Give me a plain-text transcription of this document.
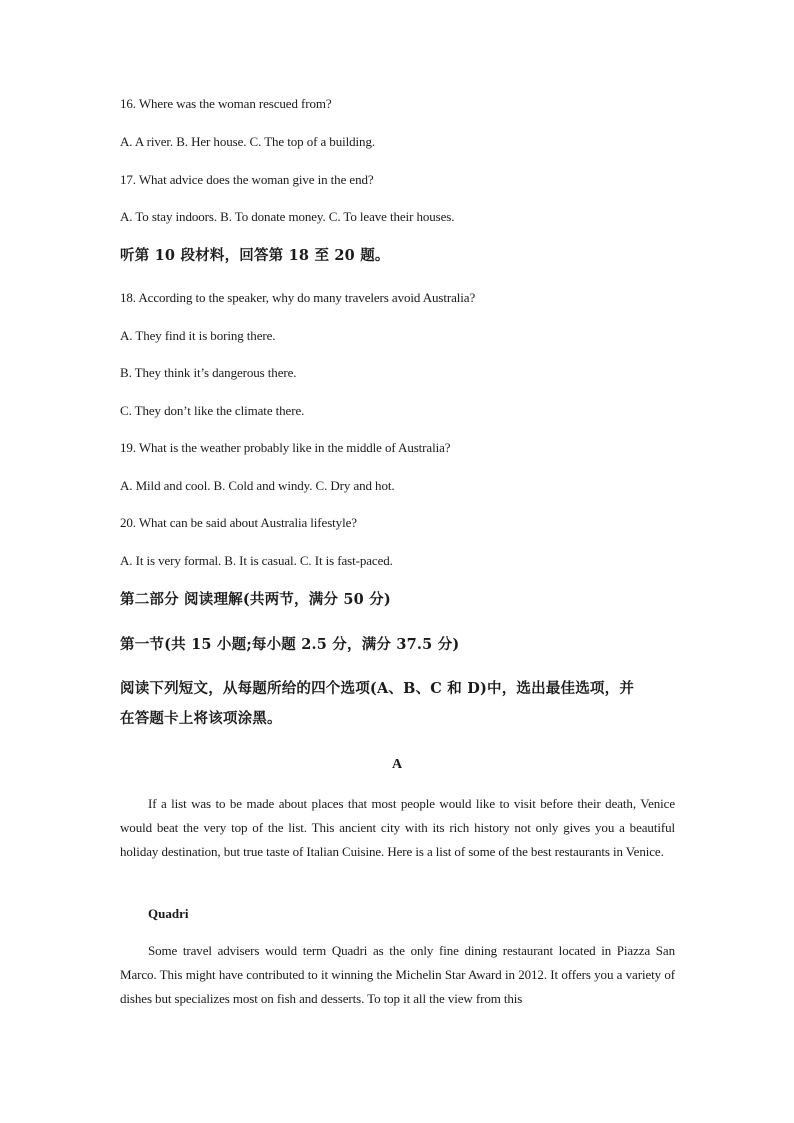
16. Where was the woman rescued from?
A. A river. B. Her house. C. The top of a building.
17. What advice does the woman give in the end?
A. To stay indoors. B. To donate money. C. To leave their houses.
听第 10 段材料，回答第 18 至 20 题。
18. According to the speaker, why do many travelers avoid Australia?
A. They find it is boring there.
B. They think it’s dangerous there.
C. They don’t like the climate there.
19. What is the weather probably like in the middle of Australia?
A. Mild and cool. B. Cold and windy. C. Dry and hot.
20. What can be said about Australia lifestyle?
A. It is very formal. B. It is casual. C. It is fast-paced.
第二部分 阅读理解(共两节，满分 50 分)
第一节(共 15 小题;每小题 2.5 分，满分 37.5 分)
阅读下列短文，从每题所给的四个选项(A、B、C 和 D)中，选出最佳选项，并
在答题卡上将该项涂黑。
A
If a list was to be made about places that most people would like to visit before their death, Venice would beat the very top of the list. This ancient city with its rich history not only gives you a beautiful holiday destination, but true taste of Italian Cuisine. Here is a list of some of the best restaurants in Venice.
Quadri
Some travel advisers would term Quadri as the only fine dining restaurant located in Piazza San Marco. This might have contributed to it winning the Michelin Star Award in 2012. It offers you a variety of dishes but specializes most on fish and desserts. To top it all the view from this
